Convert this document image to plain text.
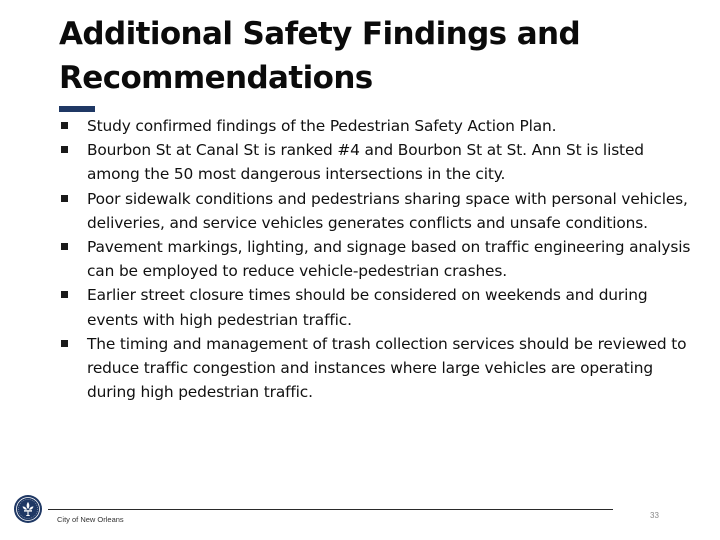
Additional Safety Findings and Recommendations
Study confirmed findings of the Pedestrian Safety Action Plan.
Bourbon St at Canal St is ranked #4 and Bourbon St at St. Ann St is listed among the 50 most dangerous intersections in the city.
Poor sidewalk conditions and pedestrians sharing space with personal vehicles, deliveries, and service vehicles generates conflicts and unsafe conditions.
Pavement markings, lighting, and signage based on traffic engineering analysis can be employed to reduce vehicle-pedestrian crashes.
Earlier street closure times should be considered on weekends and during events with high pedestrian traffic.
The timing and management of trash collection services should be reviewed to reduce traffic congestion and instances where large vehicles are operating during high pedestrian traffic.
City of New Orleans	33
